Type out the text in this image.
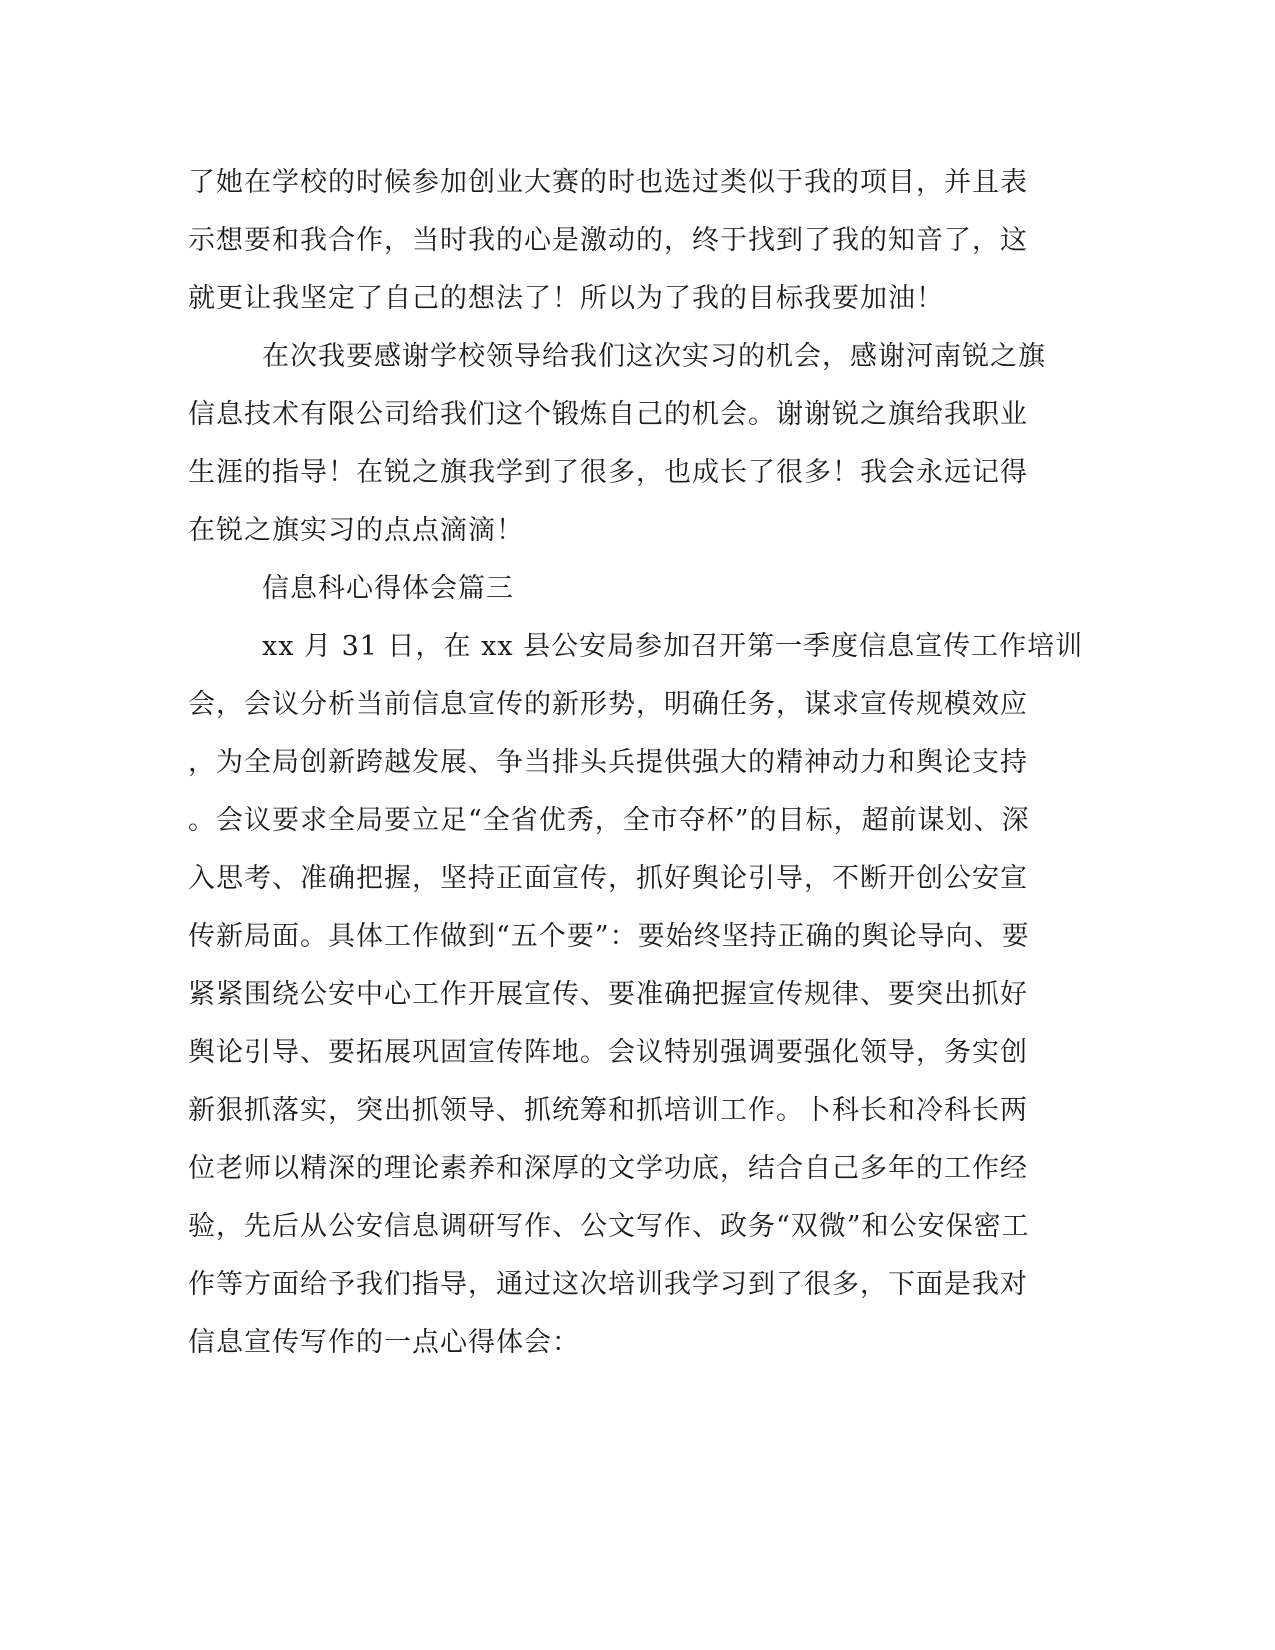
了她在学校的时候参加创业大赛的时也选过类似于我的项目，并且表
示想要和我合作，当时我的心是激动的，终于找到了我的知音了，这
就更让我坚定了自己的想法了！所以为了我的目标我要加油！
在次我要感谢学校领导给我们这次实习的机会，感谢河南锐之旗
信息技术有限公司给我们这个锻炼自己的机会。谢谢锐之旗给我职业
生涯的指导！在锐之旗我学到了很多，也成长了很多！我会永远记得
在锐之旗实习的点点滴滴！
信息科心得体会篇三
xx 月 31 日，在 xx 县公安局参加召开第一季度信息宣传工作培训
会，会议分析当前信息宣传的新形势，明确任务，谋求宣传规模效应
，为全局创新跨越发展、争当排头兵提供强大的精神动力和舆论支持
。会议要求全局要立足“全省优秀，全市夺杯”的目标，超前谋划、深
入思考、准确把握，坚持正面宣传，抓好舆论引导，不断开创公安宣
传新局面。具体工作做到“五个要”：要始终坚持正确的舆论导向、要
紧紧围绕公安中心工作开展宣传、要准确把握宣传规律、要突出抓好
舆论引导、要拓展巩固宣传阵地。会议特别强调要强化领导，务实创
新狠抓落实，突出抓领导、抓统筹和抓培训工作。卜科长和冷科长两
位老师以精深的理论素养和深厚的文学功底，结合自己多年的工作经
验，先后从公安信息调研写作、公文写作、政务“双微”和公安保密工
作等方面给予我们指导，通过这次培训我学习到了很多，下面是我对
信息宣传写作的一点心得体会：
